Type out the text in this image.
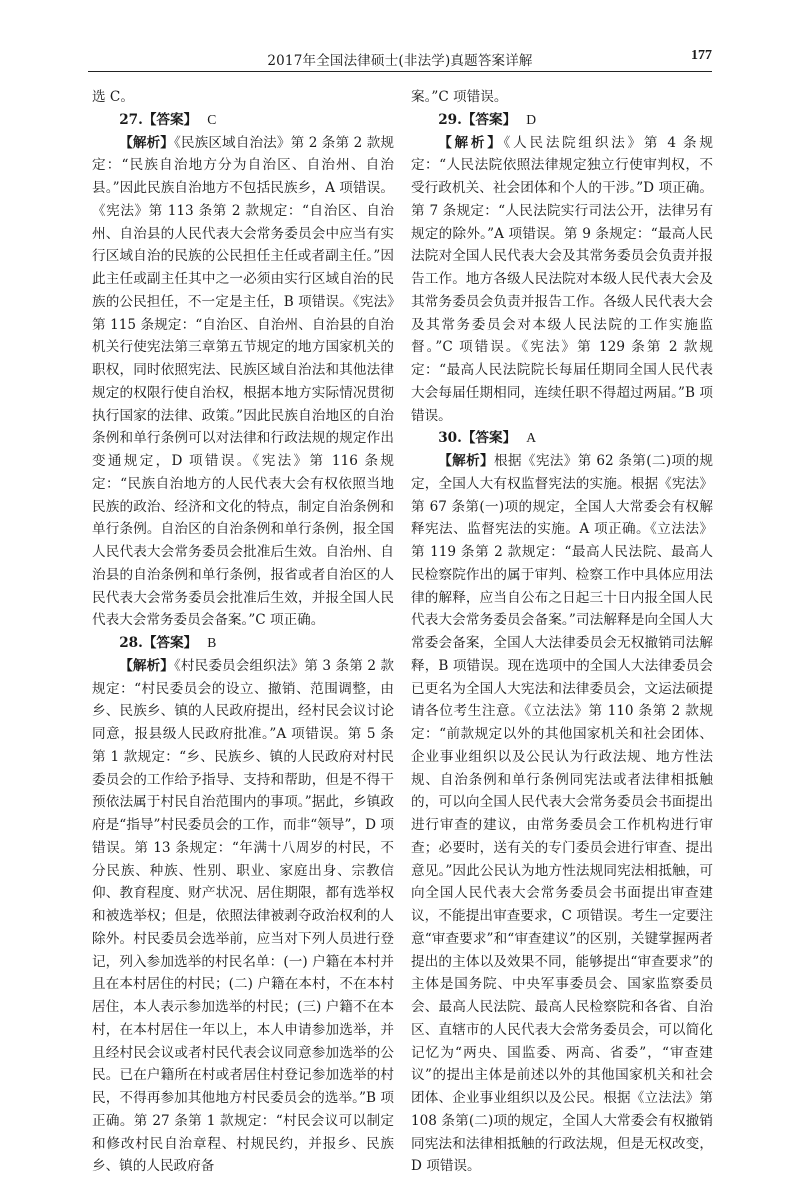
2017年全国法律硕士(非法学)真题答案详解	177

选 C。

27.【答案】 C

【解析】《民族区域自治法》第 2 条第 2 款规定：“民族自治地方分为自治区、自治州、自治县。”因此民族自治地方不包括民族乡，A 项错误。《宪法》第 113 条第 2 款规定：“自治区、自治州、自治县的人民代表大会常务委员会中应当有实行区域自治的民族的公民担任主任或者副主任。”因此主任或副主任其中之一必须由实行区域自治的民族的公民担任，不一定是主任，B 项错误。《宪法》第 115 条规定：“自治区、自治州、自治县的自治机关行使宪法第三章第五节规定的地方国家机关的职权，同时依照宪法、民族区域自治法和其他法律规定的权限行使自治权，根据本地方实际情况贯彻执行国家的法律、政策。”因此民族自治地区的自治条例和单行条例可以对法律和行政法规的规定作出变通规定，D 项错误。《宪法》第 116 条规定：“民族自治地方的人民代表大会有权依照当地民族的政治、经济和文化的特点，制定自治条例和单行条例。自治区的自治条例和单行条例，报全国人民代表大会常务委员会批准后生效。自治州、自治县的自治条例和单行条例，报省或者自治区的人民代表大会常务委员会批准后生效，并报全国人民代表大会常务委员会备案。”C 项正确。

28.【答案】 B

【解析】《村民委员会组织法》第 3 条第 2 款规定：“村民委员会的设立、撤销、范围调整，由乡、民族乡、镇的人民政府提出，经村民会议讨论同意，报县级人民政府批准。”A 项错误。第 5 条第 1 款规定：“乡、民族乡、镇的人民政府对村民委员会的工作给予指导、支持和帮助，但是不得干预依法属于村民自治范围内的事项。”据此，乡镇政府是“指导”村民委员会的工作，而非“领导”，D 项错误。第 13 条规定：“年满十八周岁的村民，不分民族、种族、性别、职业、家庭出身、宗教信仰、教育程度、财产状况、居住期限，都有选举权和被选举权；但是，依照法律被剥夺政治权利的人除外。村民委员会选举前，应当对下列人员进行登记，列入参加选举的村民名单：(一) 户籍在本村并且在本村居住的村民；(二) 户籍在本村，不在本村居住，本人表示参加选举的村民；(三) 户籍不在本村，在本村居住一年以上，本人申请参加选举，并且经村民会议或者村民代表会议同意参加选举的公民。已在户籍所在村或者居住村登记参加选举的村民，不得再参加其他地方村民委员会的选举。”B 项正确。第 27 条第 1 款规定：“村民会议可以制定和修改村民自治章程、村规民约，并报乡、民族乡、镇的人民政府备

案。”C 项错误。

29.【答案】 D

【解析】《人民法院组织法》第 4 条规定：“人民法院依照法律规定独立行使审判权，不受行政机关、社会团体和个人的干涉。”D 项正确。第 7 条规定：“人民法院实行司法公开，法律另有规定的除外。”A 项错误。第 9 条规定：“最高人民法院对全国人民代表大会及其常务委员会负责并报告工作。地方各级人民法院对本级人民代表大会及其常务委员会负责并报告工作。各级人民代表大会及其常务委员会对本级人民法院的工作实施监督。”C 项错误。《宪法》第 129 条第 2 款规定：“最高人民法院院长每届任期同全国人民代表大会每届任期相同，连续任职不得超过两届。”B 项错误。

30.【答案】 A

【解析】根据《宪法》第 62 条第(二)项的规定，全国人大有权监督宪法的实施。根据《宪法》第 67 条第(一)项的规定，全国人大常委会有权解释宪法、监督宪法的实施。A 项正确。《立法法》第 119 条第 2 款规定：“最高人民法院、最高人民检察院作出的属于审判、检察工作中具体应用法律的解释，应当自公布之日起三十日内报全国人民代表大会常务委员会备案。”司法解释是向全国人大常委会备案，全国人大法律委员会无权撤销司法解释，B 项错误。现在选项中的全国人大法律委员会已更名为全国人大宪法和法律委员会，文运法硕提请各位考生注意。《立法法》第 110 条第 2 款规定：“前款规定以外的其他国家机关和社会团体、企业事业组织以及公民认为行政法规、地方性法规、自治条例和单行条例同宪法或者法律相抵触的，可以向全国人民代表大会常务委员会书面提出进行审查的建议，由常务委员会工作机构进行审查；必要时，送有关的专门委员会进行审查、提出意见。”因此公民认为地方性法规同宪法相抵触，可向全国人民代表大会常务委员会书面提出审查建议，不能提出审查要求，C 项错误。考生一定要注意“审查要求”和“审查建议”的区别，关键掌握两者提出的主体以及效果不同，能够提出“审查要求”的主体是国务院、中央军事委员会、国家监察委员会、最高人民法院、最高人民检察院和各省、自治区、直辖市的人民代表大会常务委员会，可以简化记忆为“两央、国监委、两高、省委”，“审查建议”的提出主体是前述以外的其他国家机关和社会团体、企业事业组织以及公民。根据《立法法》第 108 条第(二)项的规定，全国人大常委会有权撤销同宪法和法律相抵触的行政法规，但是无权改变，D 项错误。
